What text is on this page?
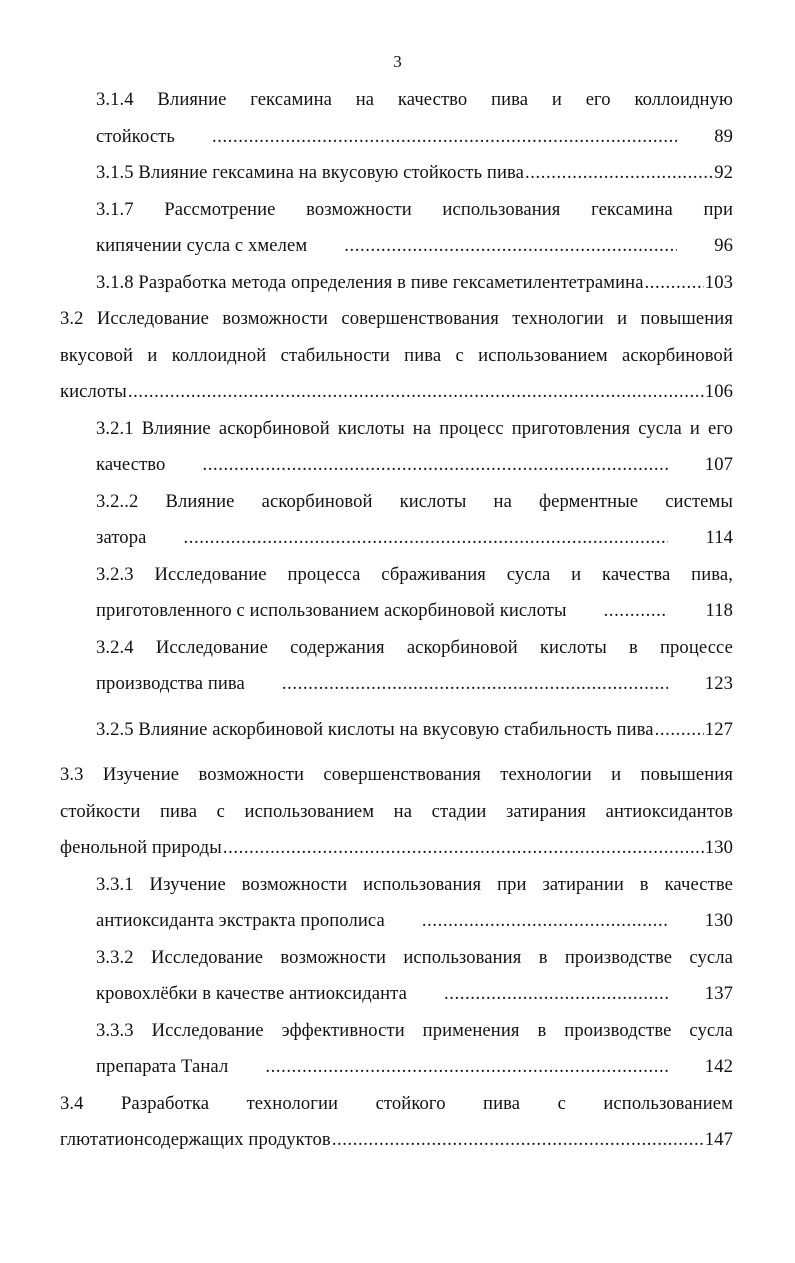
3
3.1.4 Влияние гексамина на качество пива и его коллоидную
стойкость .....	89
3.1.5 Влияние гексамина на вкусовую стойкость пива .....	92
3.1.7 Рассмотрение возможности использования гексамина при
кипячении сусла с хмелем .....	96
3.1.8 Разработка метода определения в пиве гексаметилентетрамина .....	103
3.2 Исследование возможности совершенствования технологии и повышения
вкусовой и коллоидной стабильности пива с использованием аскорбиновой
кислоты .....	106
3.2.1 Влияние аскорбиновой кислоты на процесс приготовления сусла и его
качество .....	107
3.2..2 Влияние аскорбиновой кислоты на ферментные системы
затора .....	114
3.2.3 Исследование процесса сбраживания сусла и качества пива,
приготовленного с использованием аскорбиновой кислоты .....	118
3.2.4 Исследование содержания аскорбиновой кислоты в процессе
производства пива .....	123
3.2.5 Влияние аскорбиновой кислоты на вкусовую стабильность пива .....	127
3.3 Изучение возможности совершенствования технологии и повышения
стойкости пива с использованием на стадии затирания антиоксидантов
фенольной природы .....	130
3.3.1 Изучение возможности использования при затирании в качестве
антиоксиданта экстракта прополиса .....	130
3.3.2 Исследование возможности использования в производстве сусла
кровохлёбки в качестве антиоксиданта .....	137
3.3.3 Исследование эффективности применения в производстве сусла
препарата Танал .....	142
3.4 Разработка технологии стойкого пива с использованием
глютатионсодержащих продуктов .....	147
